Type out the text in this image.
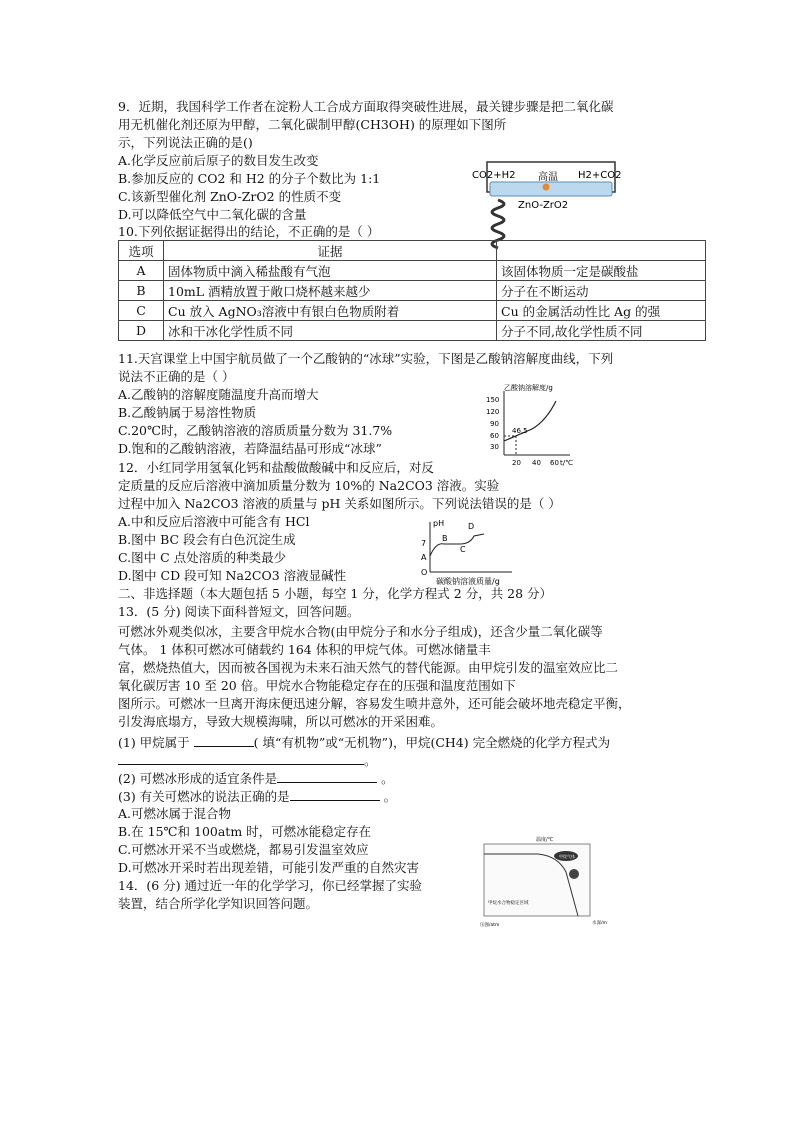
9．近期，我国科学工作者在淀粉人工合成方面取得突破性进展，最关键步骤是把二氧化碳
用无机催化剂还原为甲醇，二氧化碳制甲醇(CH3OH) 的原理如下图所
示，下列说法正确的是()
A.化学反应前后原子的数目发生改变
B.参加反应的 CO2 和 H2 的分子个数比为 1:1
C.该新型催化剂 ZnO-ZrO2 的性质不变
D.可以降低空气中二氧化碳的含量
CO2+H2	H2+CO2
高温
ZnO-ZrO2
10.下列依据证据得出的结论，不正确的是（ ）
选项	证据	
A	固体物质中滴入稀盐酸有气泡	该固体物质一定是碳酸盐
B	10mL 酒精放置于敞口烧杯越来越少	分子在不断运动
C	Cu 放入 AgNO₃溶液中有银白色物质附着	Cu 的金属活动性比 Ag 的强
D	冰和干冰化学性质不同	分子不同,故化学性质不同
11.天宫课堂上中国宇航员做了一个乙酸钠的“冰球”实验，下图是乙酸钠溶解度曲线，下列
说法不正确的是（ ）
A.乙酸钠的溶解度随温度升高而增大
B.乙酸钠属于易溶性物质
C.20℃时，乙酸钠溶液的溶质质量分数为 31.7%
D.饱和的乙酸钠溶液，若降温结晶可形成“冰球”
乙酸钠溶解度/g
150
120
90
60
30
46.5
20 40 60 t/℃
12．小红同学用氢氧化钙和盐酸做酸碱中和反应后，对反
定质量的反应后溶液中滴加质量分数为 10%的 Na2CO3 溶液。实验
过程中加入 Na2CO3 溶液的质量与 pH 关系如图所示。下列说法错误的是（ ）
A.中和反应后溶液中可能含有 HCl
B.图中 BC 段会有白色沉淀生成
C.图中 C 点处溶质的种类最少
D.图中 CD 段可知 Na2CO3 溶液显碱性
pH
7
A
O
B
C
D
碳酸钠溶液质量/g
二、非选择题（本大题包括 5 小题，每空 1 分，化学方程式 2 分，共 28 分）
13．(5 分) 阅读下面科普短文，回答问题。
可燃冰外观类似冰，主要含甲烷水合物(由甲烷分子和水分子组成)，还含少量二氧化碳等
气体。 1 体积可燃冰可储载约 164 体积的甲烷气体。可燃冰储量丰
富，燃烧热值大，因而被各国视为未来石油天然气的替代能源。由甲烷引发的温室效应比二
氧化碳厉害 10 至 20 倍。甲烷水合物能稳定存在的压强和温度范围如下
图所示。可燃冰一旦离开海床便迅速分解，容易发生喷井意外，还可能会破坏地壳稳定平衡，
引发海底塌方，导致大规模海啸，所以可燃冰的开采困难。
(1) 甲烷属于	( 填“有机物”或“无机物”)，甲烷(CH4) 完全燃烧的化学方程式为
。
(2) 可燃冰形成的适宜条件是	。
(3) 有关可燃冰的说法正确的是	。
A.可燃冰属于混合物
B.在 15℃和 100atm 时，可燃冰能稳定存在
C.可燃冰开采不当或燃烧，都易引发温室效应
D.可燃冰开采时若出现差错，可能引发严重的自然灾害
温度/℃
甲烷气体
甲烷水合物稳定区域
压强/atm	水深/m
14．(6 分) 通过近一年的化学学习，你已经掌握了实验
装置，结合所学化学知识回答问题。
